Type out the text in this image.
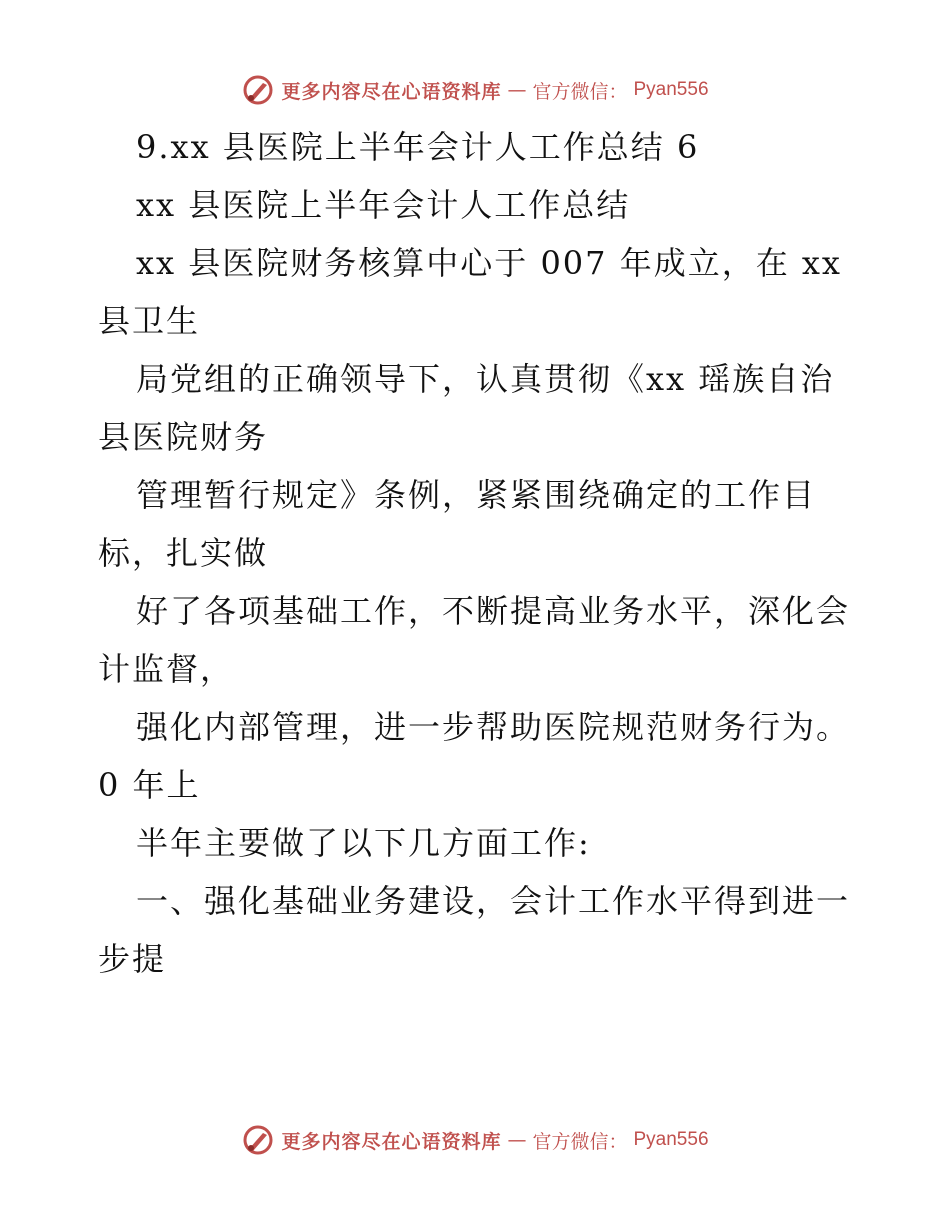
更多内容尽在心语资料库 — 官方微信： Pyan556
9.xx 县医院上半年会计人工作总结 6
xx 县医院上半年会计人工作总结
xx 县医院财务核算中心于 007 年成立，在 xx
县卫生
局党组的正确领导下，认真贯彻《xx 瑶族自治
县医院财务
管理暂行规定》条例，紧紧围绕确定的工作目
标，扎实做
好了各项基础工作，不断提高业务水平，深化会
计监督，
强化内部管理，进一步帮助医院规范财务行为。
0 年上
半年主要做了以下几方面工作:
一、强化基础业务建设，会计工作水平得到进一
步提
更多内容尽在心语资料库 — 官方微信： Pyan556
